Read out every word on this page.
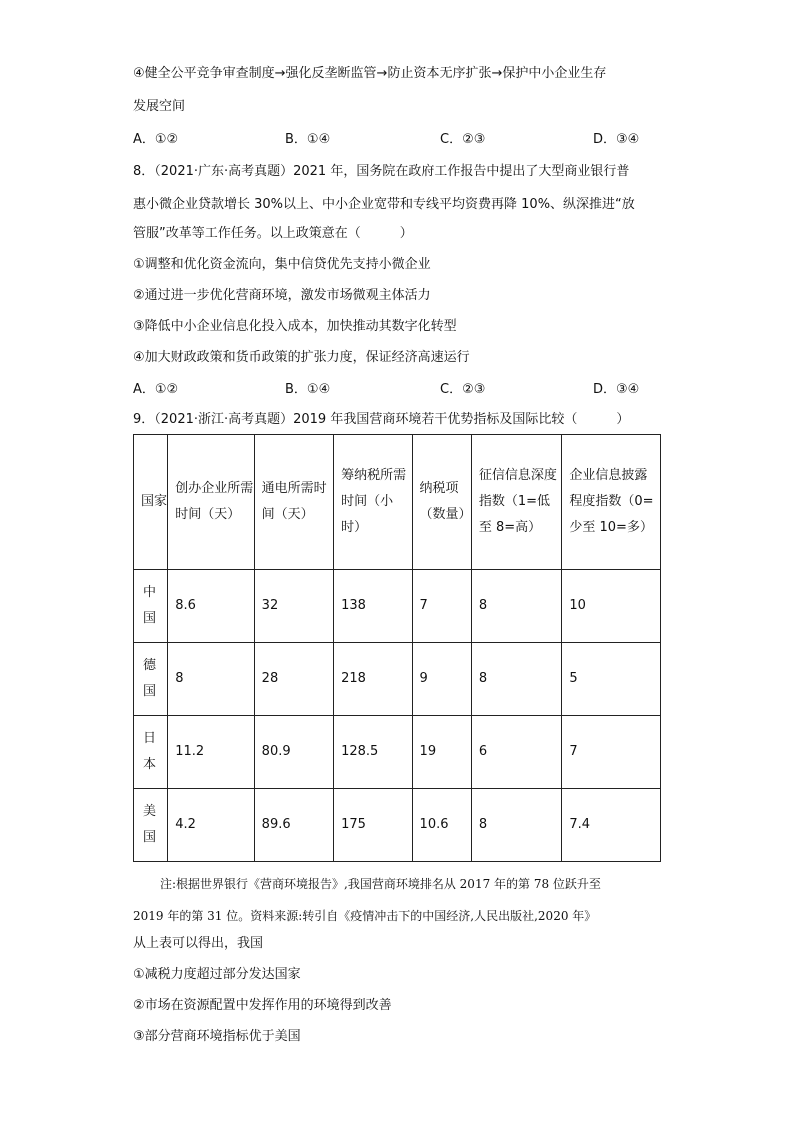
④健全公平竞争审查制度→强化反垄断监管→防止资本无序扩张→保护中小企业生存
发展空间
A．①②	B．①④	C．②③	D．③④
8．（2021·广东·高考真题）2021 年，国务院在政府工作报告中提出了大型商业银行普
惠小微企业贷款增长 30%以上、中小企业宽带和专线平均资费再降 10%、纵深推进“放
管服”改革等工作任务。以上政策意在（　　　）
①调整和优化资金流向，集中信贷优先支持小微企业
②通过进一步优化营商环境，激发市场微观主体活力
③降低中小企业信息化投入成本，加快推动其数字化转型
④加大财政政策和货币政策的扩张力度，保证经济高速运行
A．①②	B．①④	C．②③	D．③④
9．（2021·浙江·高考真题）2019 年我国营商环境若干优势指标及国际比较（　　　）
国家	创办企业所需时间（天）	通电所需时间（天）	筹纳税所需时间（小时）	纳税项（数量）	征信信息深度指数（1=低至 8=高）	企业信息披露程度指数（0=少至 10=多）
中国	8.6	32	138	7	8	10
德国	8	28	218	9	8	5
日本	11.2	80.9	128.5	19	6	7
美国	4.2	89.6	175	10.6	8	7.4
注:根据世界银行《营商环境报告》,我国营商环境排名从 2017 年的第 78 位跃升至
2019 年的第 31 位。资料来源:转引自《疫情冲击下的中国经济,人民出版社,2020 年》
从上表可以得出，我国
①减税力度超过部分发达国家
②市场在资源配置中发挥作用的环境得到改善
③部分营商环境指标优于美国
